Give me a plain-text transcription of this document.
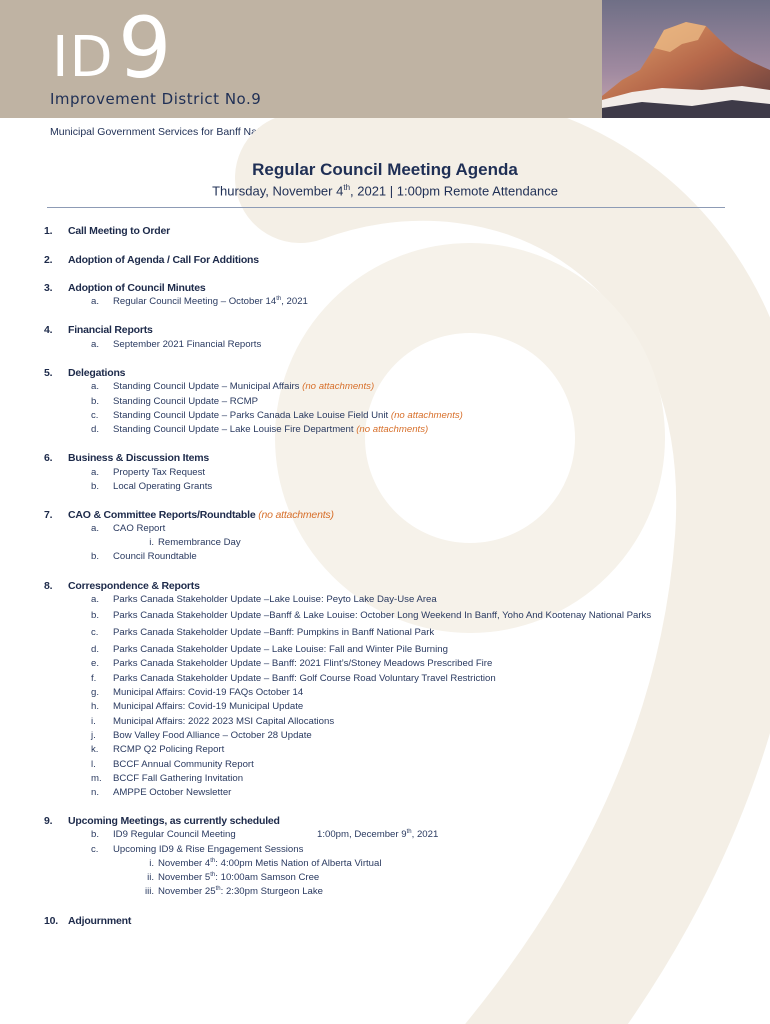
ID 9
Improvement District No.9
Municipal Government Services for Banff National Park
Regular Council Meeting Agenda
Thursday, November 4th, 2021 | 1:00pm Remote Attendance
1. Call Meeting to Order
2. Adoption of Agenda / Call For Additions
3. Adoption of Council Minutes
a.	Regular Council Meeting – October 14th, 2021
4. Financial Reports
a.	September 2021 Financial Reports
5. Delegations
a.	Standing Council Update – Municipal Affairs (no attachments)
b.	Standing Council Update – RCMP
c.	Standing Council Update – Parks Canada Lake Louise Field Unit (no attachments)
d.	Standing Council Update – Lake Louise Fire Department (no attachments)
6. Business & Discussion Items
a.	Property Tax Request
b.	Local Operating Grants
7. CAO & Committee Reports/Roundtable (no attachments)
a.	CAO Report
i. Remembrance Day
b.	Council Roundtable
8. Correspondence & Reports
a.	Parks Canada Stakeholder Update –Lake Louise: Peyto Lake Day-Use Area
b.	Parks Canada Stakeholder Update –Banff & Lake Louise: October Long Weekend In Banff, Yoho And Kootenay National Parks
c.	Parks Canada Stakeholder Update –Banff: Pumpkins in Banff National Park
d.	Parks Canada Stakeholder Update – Lake Louise: Fall and Winter Pile Burning
e.	Parks Canada Stakeholder Update – Banff: 2021 Flint’s/Stoney Meadows Prescribed Fire
f.	Parks Canada Stakeholder Update – Banff: Golf Course Road Voluntary Travel Restriction
g.	Municipal Affairs: Covid-19 FAQs October 14
h.	Municipal Affairs: Covid-19 Municipal Update
i.	Municipal Affairs: 2022 2023 MSI Capital Allocations
j.	Bow Valley Food Alliance – October 28 Update
k.	RCMP Q2 Policing Report
l.	BCCF Annual Community Report
m.	BCCF Fall Gathering Invitation
n.	AMPPE October Newsletter
9. Upcoming Meetings, as currently scheduled
b.	ID9 Regular Council Meeting	1:00pm, December 9th, 2021
c.	Upcoming ID9 & Rise Engagement Sessions
i. November 4th: 4:00pm Metis Nation of Alberta Virtual
ii. November 5th: 10:00am Samson Cree
iii. November 25th: 2:30pm Sturgeon Lake
10. Adjournment
